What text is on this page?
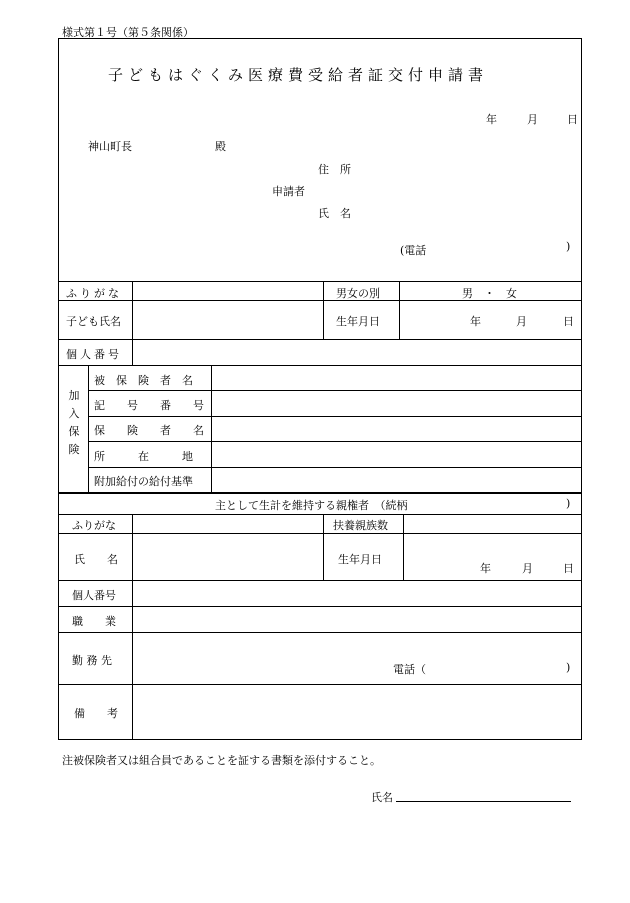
様式第１号（第５条関係）
子どもはぐくみ医療費受給者証交付申請書
年	月	日
神山町長	殿
住　所
申請者
氏　名
(電話	)
ふりがな	男女の別	男　・　女
子ども氏名	生年月日	年	月	日
個人番号
加
入
保
険
被　保　険　者　名
記　　号　　番　　号
保　　険　　者　　名
所　　　在　　　地
附加給付の給付基準
主として生計を維持する親権者　（続柄	)
ふりがな	扶養親族数
氏　　名	生年月日
年	月	日
個人番号
職　　業
勤 務 先
電話（	)
備　　考
注被保険者又は組合員であることを証する書類を添付すること。
氏名
